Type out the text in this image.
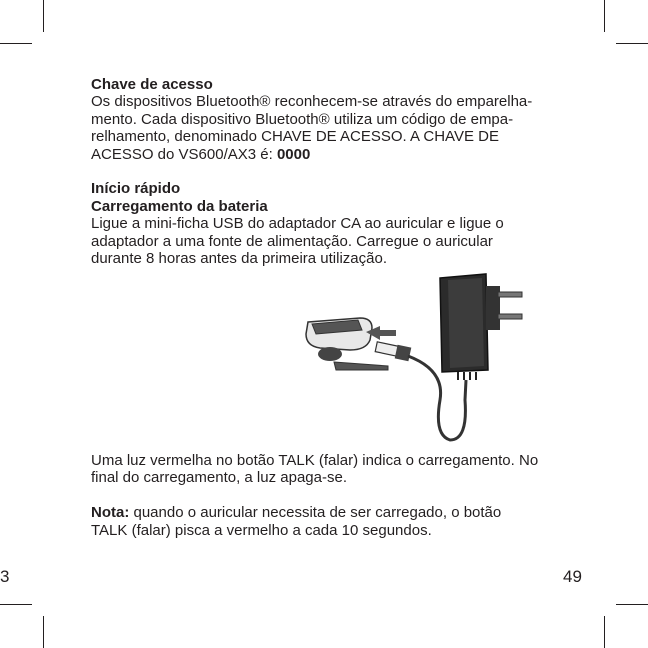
Chave de acesso

Os dispositivos Bluetooth® reconhecem-se através do emparelha-

mento. Cada dispositivo Bluetooth® utiliza um código de empa-

relhamento, denominado CHAVE DE ACESSO. A CHAVE DE

ACESSO do VS600/AX3 é: 0000

Início rápido

Carregamento da bateria

Ligue a mini-ficha USB do adaptador CA ao auricular e ligue o

adaptador a uma fonte de alimentação. Carregue o auricular

durante 8 horas antes da primeira utilização.

Uma luz vermelha no botão TALK (falar) indica o carregamento. No

final do carregamento, a luz apaga-se.

Nota: quando o auricular necessita de ser carregado, o botão

TALK (falar) pisca a vermelho a cada 10 segundos.

3	49
